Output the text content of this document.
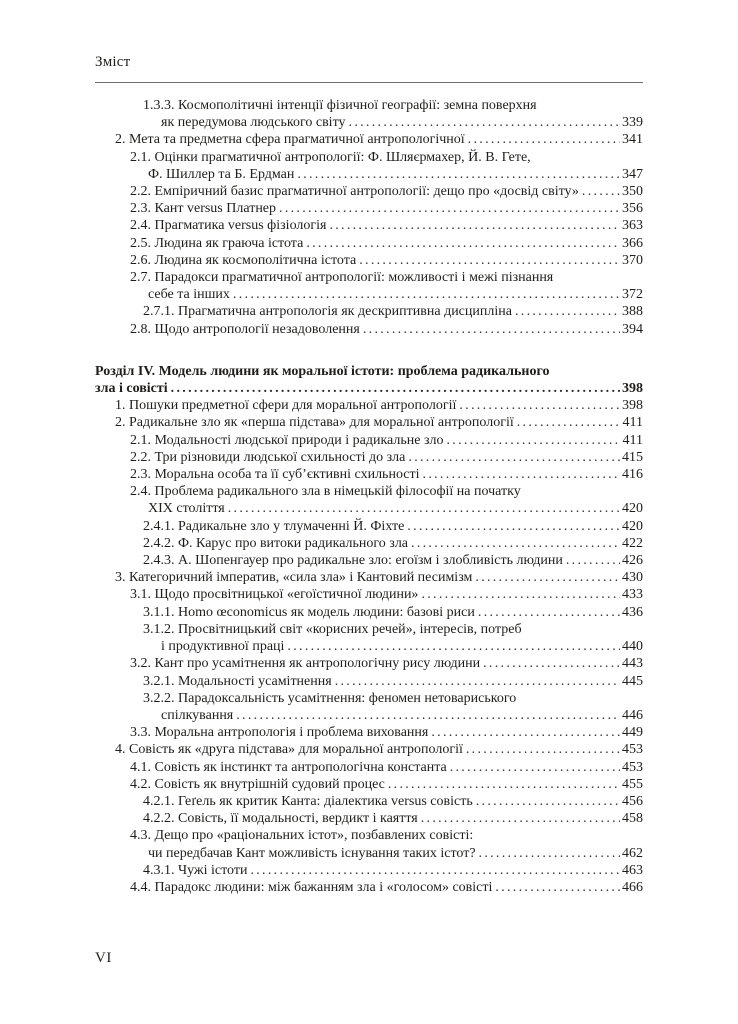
Зміст
1.3.3. Космополітичні інтенції фізичної географії: земна поверхня
як передумова людського світу .....	339
2. Мета та предметна сфера прагматичної антропологічної .....	341
2.1. Оцінки прагматичної антропології: Ф. Шляєрмахер, Й. В. Гете,
Ф. Шиллер та Б. Ердман .....	347
2.2. Емпіричний базис прагматичної антропології: дещо про «досвід світу» .....	350
2.3. Кант versus Платнер .....	356
2.4. Прагматика versus фізіологія .....	363
2.5. Людина як граюча істота .....	366
2.6. Людина як космополітична істота .....	370
2.7. Парадокси прагматичної антропології: можливості і межі пізнання
себе та інших .....	372
2.7.1. Прагматична антропологія як дескриптивна дисципліна .....	388
2.8. Щодо антропології незадоволення .....	394
Розділ IV. Модель людини як моральної істоти: проблема радикального
зла і совісті .....	398
1. Пошуки предметної сфери для моральної антропології .....	398
2. Радикальне зло як «перша підстава» для моральної антропології .....	411
2.1. Модальності людської природи і радикальне зло .....	411
2.2. Три різновиди людської схильності до зла .....	415
2.3. Моральна особа та її суб’єктивні схильності .....	416
2.4. Проблема радикального зла в німецькій філософії на початку
XIX століття .....	420
2.4.1. Радикальне зло у тлумаченні Й. Фіхте .....	420
2.4.2. Ф. Карус про витоки радикального зла .....	422
2.4.3. А. Шопенгауер про радикальне зло: егоїзм і злобливість людини .....	426
3. Категоричний імператив, «сила зла» і Кантовий песимізм .....	430
3.1. Щодо просвітницької «егоїстичної людини» .....	433
3.1.1. Homo œconomicus як модель людини: базові риси .....	436
3.1.2. Просвітницький світ «корисних речей», інтересів, потреб
і продуктивної праці .....	440
3.2. Кант про усамітнення як антропологічну рису людини .....	443
3.2.1. Модальності усамітнення .....	445
3.2.2. Парадоксальність усамітнення: феномен нетовариського
спілкування .....	446
3.3. Моральна антропологія і проблема виховання .....	449
4. Совість як «друга підстава» для моральної антропології .....	453
4.1. Совість як інстинкт та антропологічна константа .....	453
4.2. Совість як внутрішній судовий процес .....	455
4.2.1. Геґель як критик Канта: діалектика versus совість .....	456
4.2.2. Совість, її модальності, вердикт і каяття .....	458
4.3. Дещо про «раціональних істот», позбавлених совісті:
чи передбачав Кант можливість існування таких істот? .....	462
4.3.1. Чужі істоти .....	463
4.4. Парадокс людини: між бажанням зла і «голосом» совісті .....	466
VI
